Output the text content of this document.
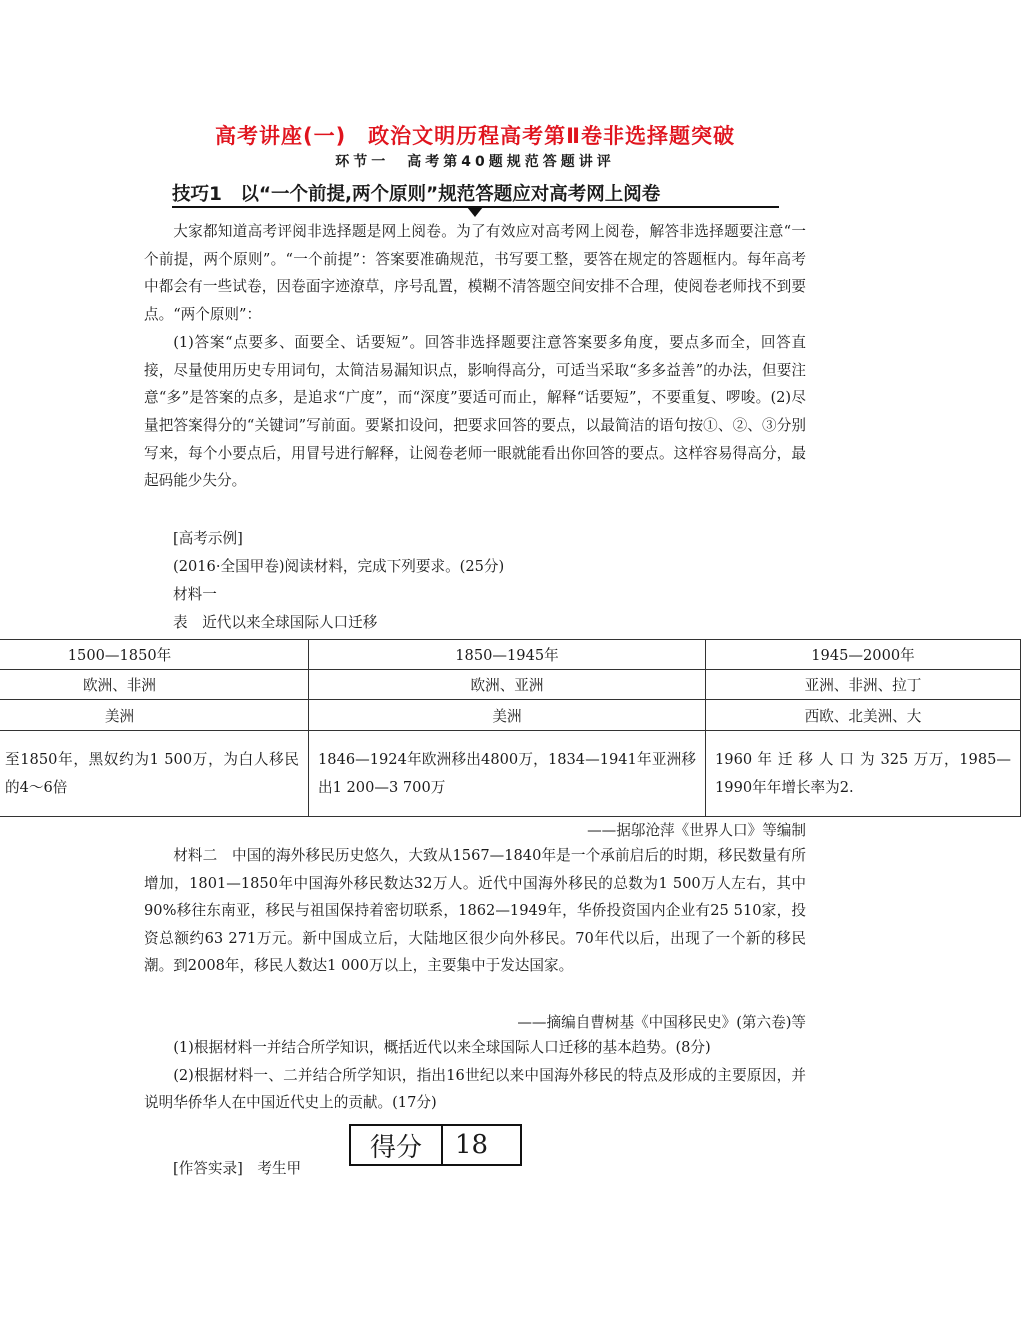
高考讲座(一)　政治文明历程高考第Ⅱ卷非选择题突破
环节一　高考第40题规范答题讲评
技巧1　以“一个前提,两个原则”规范答题应对高考网上阅卷

大家都知道高考评阅非选择题是网上阅卷。为了有效应对高考网上阅卷，解答非选择题要注意“一个前提，两个原则”。“一个前提”：答案要准确规范，书写要工整，要答在规定的答题框内。每年高考中都会有一些试卷，因卷面字迹潦草，序号乱置，模糊不清答题空间安排不合理，使阅卷老师找不到要点。“两个原则”：

(1)答案“点要多、面要全、话要短”。回答非选择题要注意答案要多角度，要点多而全，回答直接，尽量使用历史专用词句，太简洁易漏知识点，影响得高分，可适当采取“多多益善”的办法，但要注意“多”是答案的点多，是追求“广度”，而“深度”要适可而止，解释“话要短”，不要重复、啰唆。(2)尽量把答案得分的“关键词”写前面。要紧扣设问，把要求回答的要点，以最简洁的语句按①、②、③分别写来，每个小要点后，用冒号进行解释，让阅卷老师一眼就能看出你回答的要点。这样容易得高分，最起码能少失分。

[高考示例]
(2016·全国甲卷)阅读材料，完成下列要求。(25分)
材料一
表　近代以来全球国际人口迁移
1500—1850年	1850—1945年	1945—2000年
欧洲、非洲	欧洲、亚洲	亚洲、非洲、拉丁
美洲	美洲	西欧、北美洲、大
至1850年，黑奴约为1 500万，为白人移民的4～6倍	1846—1924年欧洲移出4800万，1834—1941年亚洲移出1 200—3 700万	1960 年 迁 移 人 口 为 325 万万，1985—1990年年增长率为2.
——据邬沧萍《世界人口》等编制

材料二　中国的海外移民历史悠久，大致从1567—1840年是一个承前启后的时期，移民数量有所增加，1801—1850年中国海外移民数达32万人。近代中国海外移民的总数为1 500万人左右，其中90%移往东南亚，移民与祖国保持着密切联系，1862—1949年，华侨投资国内企业有25 510家，投资总额约63 271万元。新中国成立后，大陆地区很少向外移民。70年代以后，出现了一个新的移民潮。到2008年，移民人数达1 000万以上，主要集中于发达国家。

——摘编自曹树基《中国移民史》(第六卷)等

(1)根据材料一并结合所学知识，概括近代以来全球国际人口迁移的基本趋势。(8分)

(2)根据材料一、二并结合所学知识，指出16世纪以来中国海外移民的特点及形成的主要原因，并说明华侨华人在中国近代史上的贡献。(17分)

[作答实录]　考生甲
得分	18
